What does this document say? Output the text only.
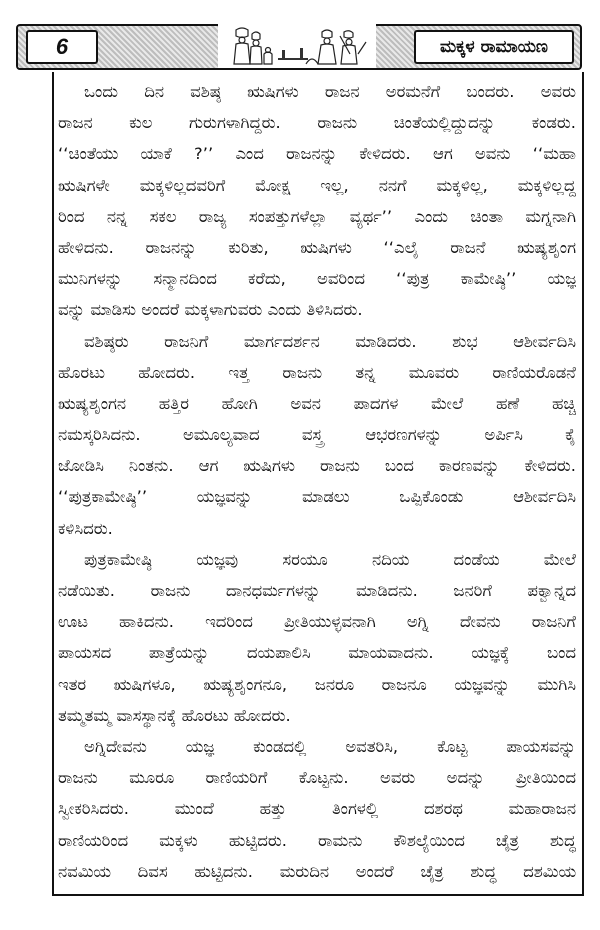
6	ಮಕ್ಕಳ ರಾಮಾಯಣ
ಒಂದು ದಿನ ವಶಿಷ್ಠ ಋಷಿಗಳು ರಾಜನ ಅರಮನೆಗೆ ಬಂದರು. ಅವರು
ರಾಜನ ಕುಲ ಗುರುಗಳಾಗಿದ್ದರು. ರಾಜನು ಚಿಂತೆಯಲ್ಲಿದ್ದುದನ್ನು ಕಂಡರು.
‘‘ಚಿಂತೆಯು ಯಾಕೆ ?’’ ಎಂದ ರಾಜನನ್ನು ಕೇಳಿದರು. ಆಗ ಅವನು ‘‘ಮಹಾ
ಋಷಿಗಳೇ ಮಕ್ಕಳಿಲ್ಲದವರಿಗೆ ಮೋಕ್ಷ ಇಲ್ಲ, ನನಗೆ ಮಕ್ಕಳಿಲ್ಲ, ಮಕ್ಕಳಿಲ್ಲದ್ದ
ರಿಂದ ನನ್ನ ಸಕಲ ರಾಜ್ಯ ಸಂಪತ್ತುಗಳೆಲ್ಲಾ ವ್ಯರ್ಥ’’ ಎಂದು ಚಿಂತಾ ಮಗ್ನನಾಗಿ
ಹೇಳಿದನು. ರಾಜನನ್ನು ಕುರಿತು, ಋಷಿಗಳು ‘‘ಎಲೈ ರಾಜನೆ ಋಷ್ಯಶೃಂಗ
ಮುನಿಗಳನ್ನು ಸನ್ಮಾನದಿಂದ ಕರೆದು, ಅವರಿಂದ ‘‘ಪುತ್ರ ಕಾಮೇಷ್ಠಿ’’ ಯಜ್ಞ
ವನ್ನು ಮಾಡಿಸು ಅಂದರೆ ಮಕ್ಕಳಾಗುವರು ಎಂದು ತಿಳಿಸಿದರು.
ವಶಿಷ್ಠರು ರಾಜನಿಗೆ ಮಾರ್ಗದರ್ಶನ ಮಾಡಿದರು. ಶುಭ ಆಶೀರ್ವದಿಸಿ
ಹೊರಟು ಹೋದರು. ಇತ್ತ ರಾಜನು ತನ್ನ ಮೂವರು ರಾಣಿಯರೊಡನೆ
ಋಷ್ಯಶೃಂಗನ ಹತ್ತಿರ ಹೋಗಿ ಅವನ ಪಾದಗಳ ಮೇಲೆ ಹಣೆ ಹಚ್ಚಿ
ನಮಸ್ಕರಿಸಿದನು. ಅಮೂಲ್ಯವಾದ ವಸ್ತ್ರ ಆಭರಣಗಳನ್ನು ಅರ್ಪಿಸಿ ಕೈ
ಜೋಡಿಸಿ ನಿಂತನು. ಆಗ ಋಷಿಗಳು ರಾಜನು ಬಂದ ಕಾರಣವನ್ನು ಕೇಳಿದರು.
‘‘ಪುತ್ರಕಾಮೇಷ್ಠಿ’’ ಯಜ್ಞವನ್ನು ಮಾಡಲು ಒಪ್ಪಿಕೊಂಡು ಆಶೀರ್ವದಿಸಿ
ಕಳಿಸಿದರು.
ಪುತ್ರಕಾಮೇಷ್ಠಿ ಯಜ್ಞವು ಸರಯೂ ನದಿಯ ದಂಡೆಯ ಮೇಲೆ
ನಡೆಯಿತು. ರಾಜನು ದಾನಧರ್ಮಗಳನ್ನು ಮಾಡಿದನು. ಜನರಿಗೆ ಪಕ್ವಾನ್ನದ
ಊಟ ಹಾಕಿದನು. ಇದರಿಂದ ಪ್ರೀತಿಯುಳ್ಳವನಾಗಿ ಅಗ್ನಿ ದೇವನು ರಾಜನಿಗೆ
ಪಾಯಸದ ಪಾತ್ರೆಯನ್ನು ದಯಪಾಲಿಸಿ ಮಾಯವಾದನು. ಯಜ್ಞಕ್ಕೆ ಬಂದ
ಇತರ ಋಷಿಗಳೂ, ಋಷ್ಯಶೃಂಗನೂ, ಜನರೂ ರಾಜನೂ ಯಜ್ಞವನ್ನು ಮುಗಿಸಿ
ತಮ್ಮತಮ್ಮ ವಾಸಸ್ಥಾನಕ್ಕೆ ಹೊರಟು ಹೋದರು.
ಅಗ್ನಿದೇವನು ಯಜ್ಞ ಕುಂಡದಲ್ಲಿ ಅವತರಿಸಿ, ಕೊಟ್ಟ ಪಾಯಸವನ್ನು
ರಾಜನು ಮೂರೂ ರಾಣಿಯರಿಗೆ ಕೊಟ್ಟನು. ಅವರು ಅದನ್ನು ಪ್ರೀತಿಯಿಂದ
ಸ್ವೀಕರಿಸಿದರು. ಮುಂದೆ ಹತ್ತು ತಿಂಗಳಲ್ಲಿ ದಶರಥ ಮಹಾರಾಜನ
ರಾಣಿಯರಿಂದ ಮಕ್ಕಳು ಹುಟ್ಟಿದರು. ರಾಮನು ಕೌಶಲ್ಯೆಯಿಂದ ಚೈತ್ರ ಶುದ್ಧ
ನವಮಿಯ ದಿವಸ ಹುಟ್ಟಿದನು. ಮರುದಿನ ಅಂದರೆ ಚೈತ್ರ ಶುದ್ಧ ದಶಮಿಯ
